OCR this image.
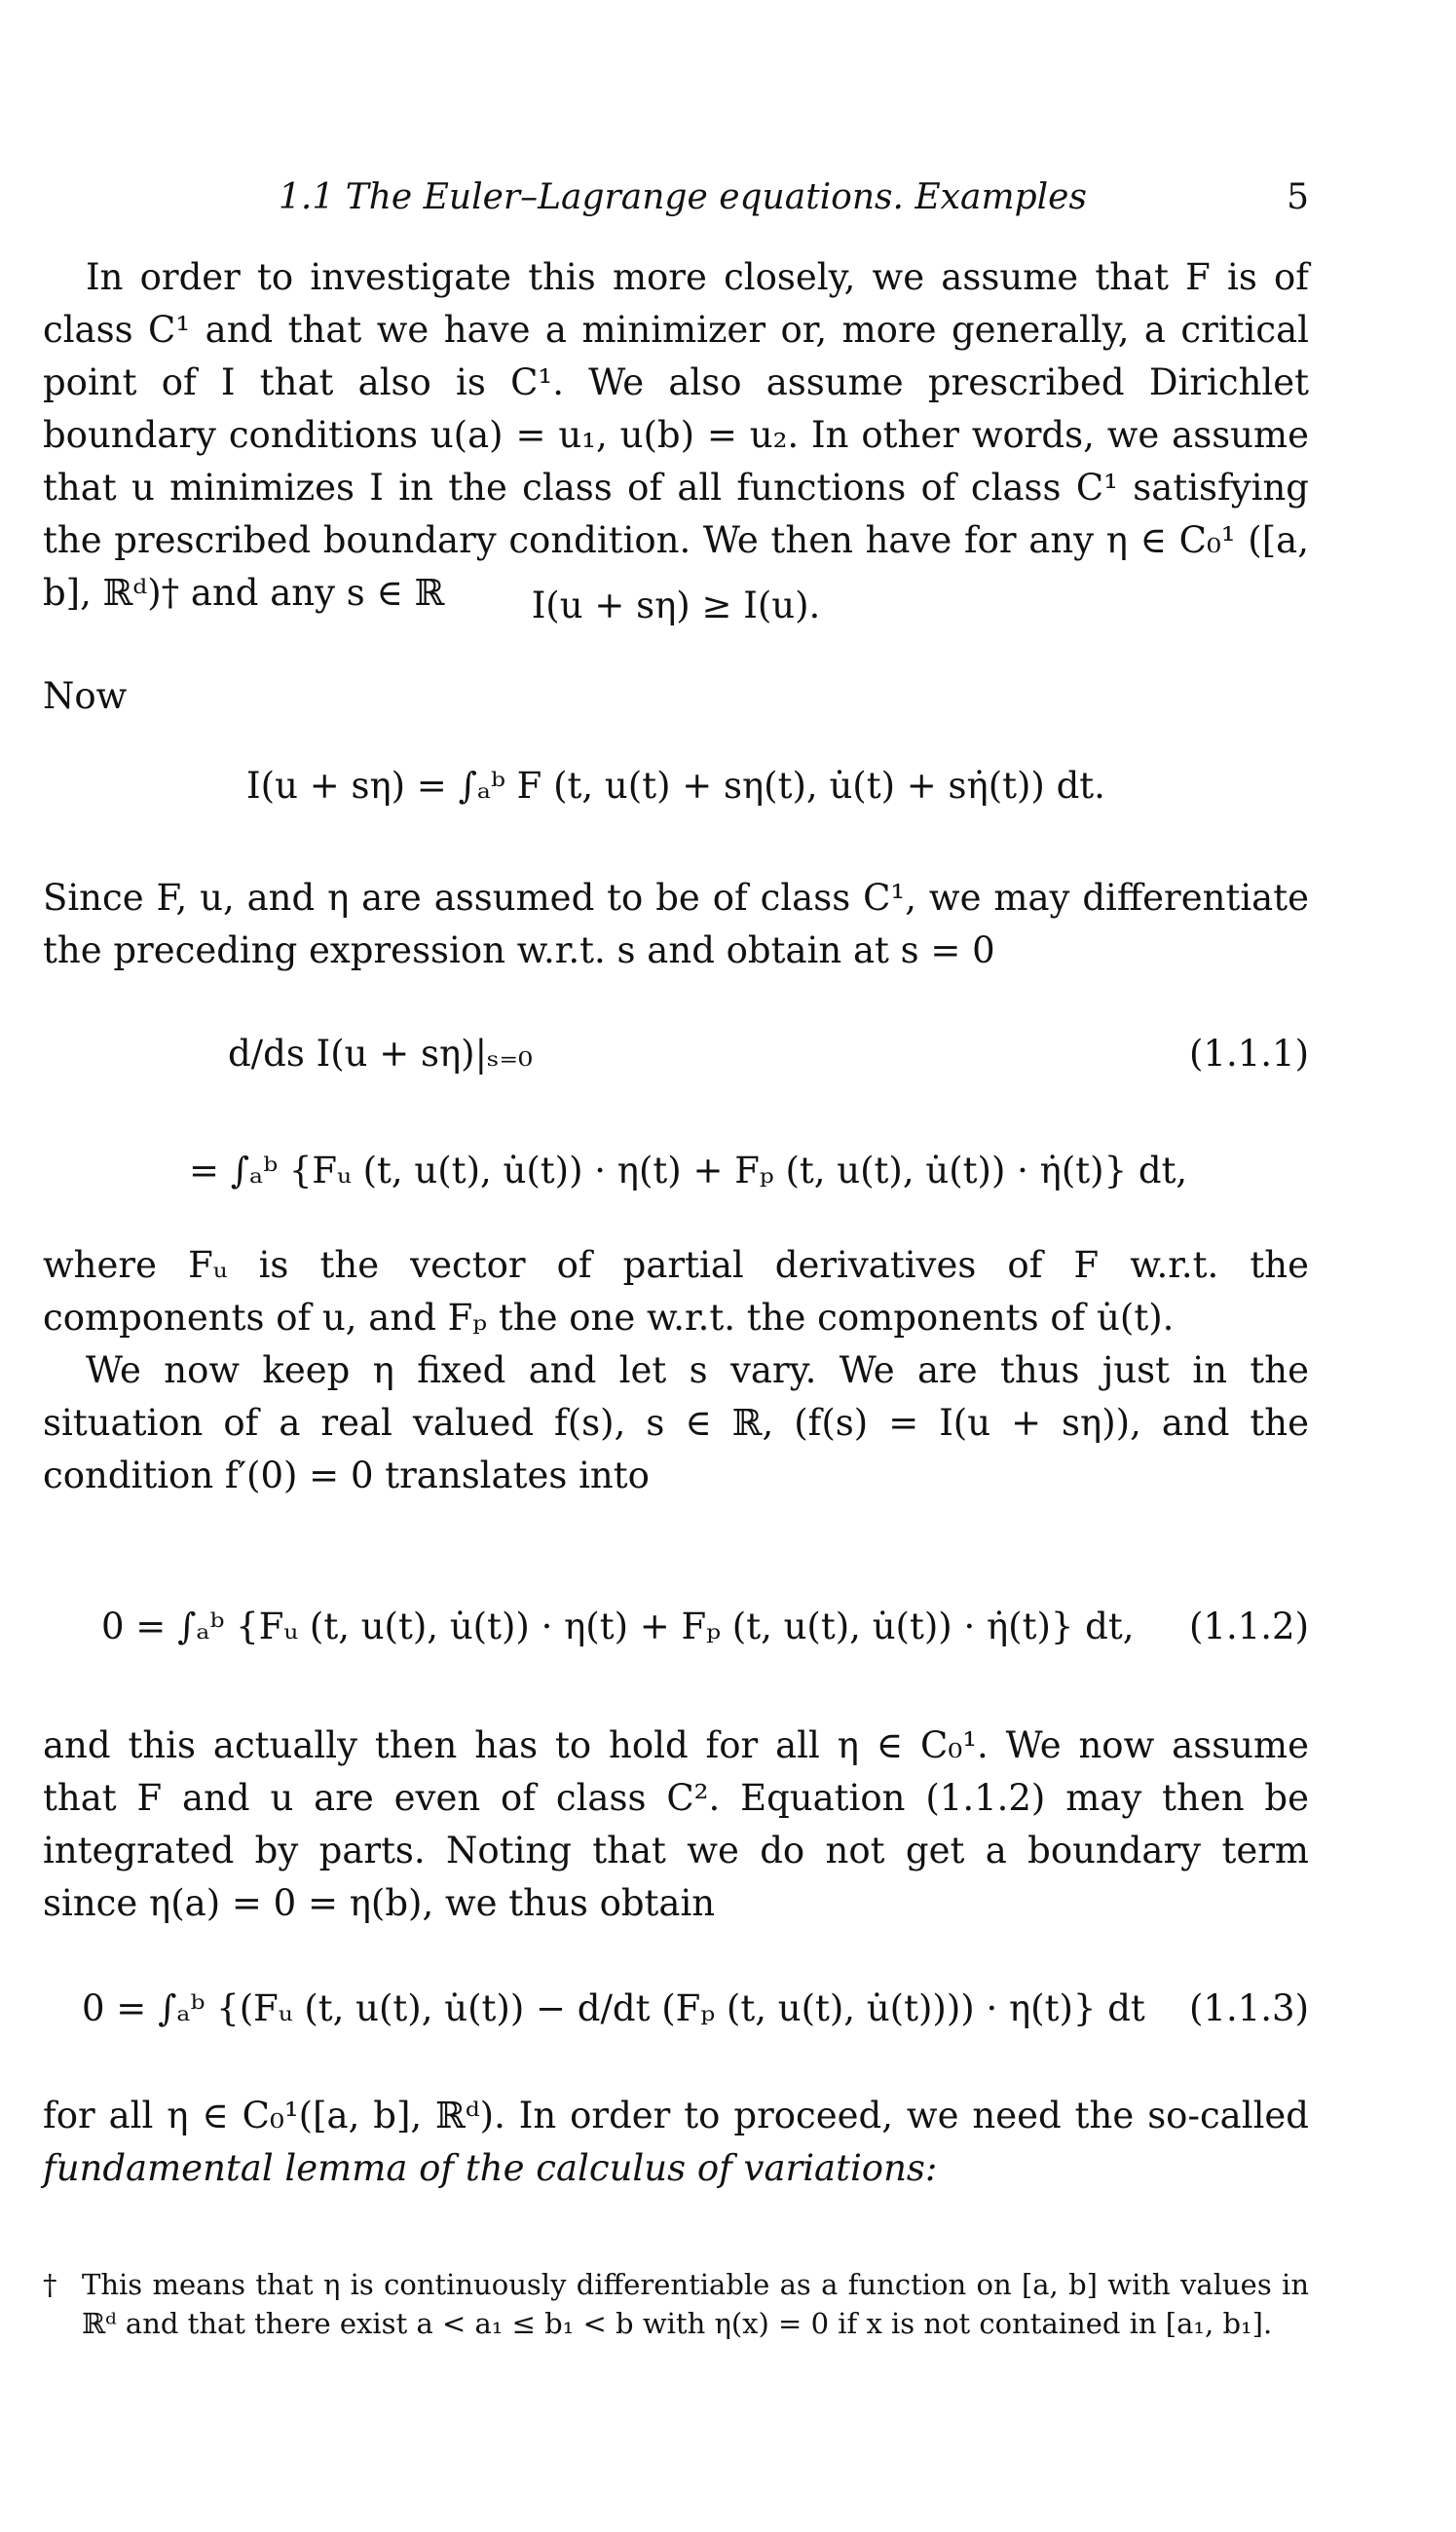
1.1 The Euler–Lagrange equations. Examples	5

In order to investigate this more closely, we assume that F is of class C¹ and that we have a minimizer or, more generally, a critical point of I that also is C¹. We also assume prescribed Dirichlet boundary conditions u(a) = u₁, u(b) = u₂. In other words, we assume that u minimizes I in the class of all functions of class C¹ satisfying the prescribed boundary condition. We then have for any η ∈ C₀¹ ([a, b], ℝᵈ)† and any s ∈ ℝ	I(u + sη) ≥ I(u).

Now

I(u + sη) = ∫ₐᵇ F (t, u(t) + sη(t), u̇(t) + sη̇(t)) dt.

Since F, u, and η are assumed to be of class C¹, we may differentiate the preceding expression w.r.t. s and obtain at s = 0

d/ds I(u + sη)|ₛ₌₀	(1.1.1)
= ∫ₐᵇ {Fᵤ (t, u(t), u̇(t)) · η(t) + Fₚ (t, u(t), u̇(t)) · η̇(t)} dt,

where Fᵤ is the vector of partial derivatives of F w.r.t. the components of u, and Fₚ the one w.r.t. the components of u̇(t).

We now keep η fixed and let s vary. We are thus just in the situation of a real valued f(s), s ∈ ℝ, (f(s) = I(u + sη)), and the condition f′(0) = 0 translates into

0 = ∫ₐᵇ {Fᵤ (t, u(t), u̇(t)) · η(t) + Fₚ (t, u(t), u̇(t)) · η̇(t)} dt, (1.1.2)

and this actually then has to hold for all η ∈ C₀¹. We now assume that F and u are even of class C². Equation (1.1.2) may then be integrated by parts. Noting that we do not get a boundary term since η(a) = 0 = η(b), we thus obtain

0 = ∫ₐᵇ {(Fᵤ (t, u(t), u̇(t)) − d/dt (Fₚ (t, u(t), u̇(t)))) · η(t)} dt (1.1.3)

for all η ∈ C₀¹([a, b], ℝᵈ). In order to proceed, we need the so-called fundamental lemma of the calculus of variations:

† This means that η is continuously differentiable as a function on [a, b] with values in ℝᵈ and that there exist a < a₁ ≤ b₁ < b with η(x) = 0 if x is not contained in [a₁, b₁].
